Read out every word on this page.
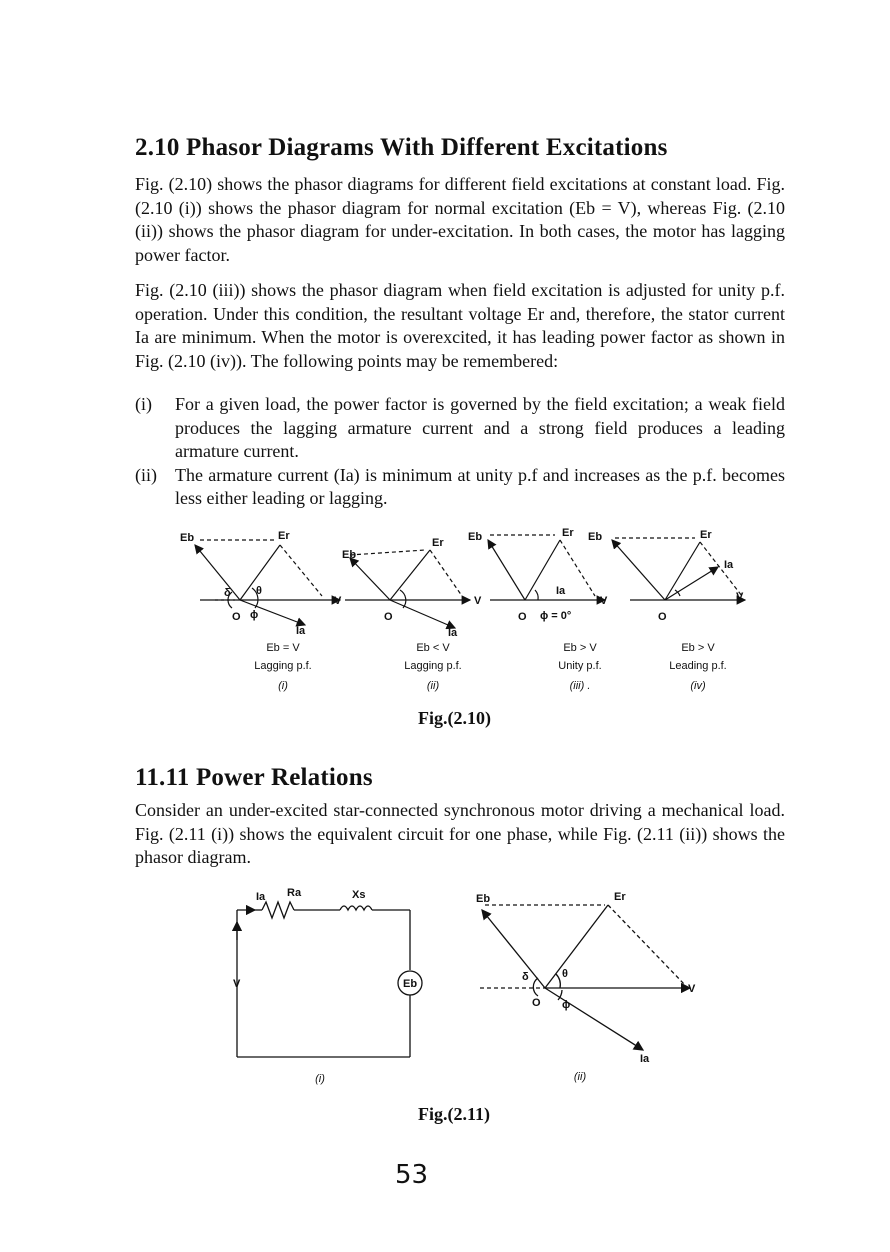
2.10 Phasor Diagrams With Different Excitations

Fig. (2.10) shows the phasor diagrams for different field excitations at constant load. Fig. (2.10 (i)) shows the phasor diagram for normal excitation (Eb = V), whereas Fig. (2.10 (ii)) shows the phasor diagram for under-excitation. In both cases, the motor has lagging power factor.

Fig. (2.10 (iii)) shows the phasor diagram when field excitation is adjusted for unity p.f. operation. Under this condition, the resultant voltage Er and, therefore, the stator current Ia are minimum. When the motor is overexcited, it has leading power factor as shown in Fig. (2.10 (iv)). The following points may be remembered:

(i) For a given load, the power factor is governed by the field excitation; a weak field produces the lagging armature current and a strong field produces a leading armature current.
(ii) The armature current (Ia) is minimum at unity p.f and increases as the p.f. becomes less either leading or lagging.
Eb	Er
V
O
δ θ
ϕ
Ia
Eb
Er
V
O
Ia
Eb	Er
V
O
Ia
ϕ = 0°
Eb	Er
V
O
Ia
Eb = V
Lagging p.f.
(i)
Eb < V
Lagging p.f.
(ii)
Eb > V
Unity p.f.
(iii) .
Eb > V
Leading p.f.
(iv)
Fig.(2.10)
11.11 Power Relations

Consider an under-excited star-connected synchronous motor driving a mechanical load. Fig. (2.11 (i)) shows the equivalent circuit for one phase, while Fig. (2.11 (ii)) shows the phasor diagram.

Ia Ra	Xs
V	Eb
(i)
Eb	Er
V
O
δ	θ
ϕ
Ia
(ii)
Fig.(2.11)
53
